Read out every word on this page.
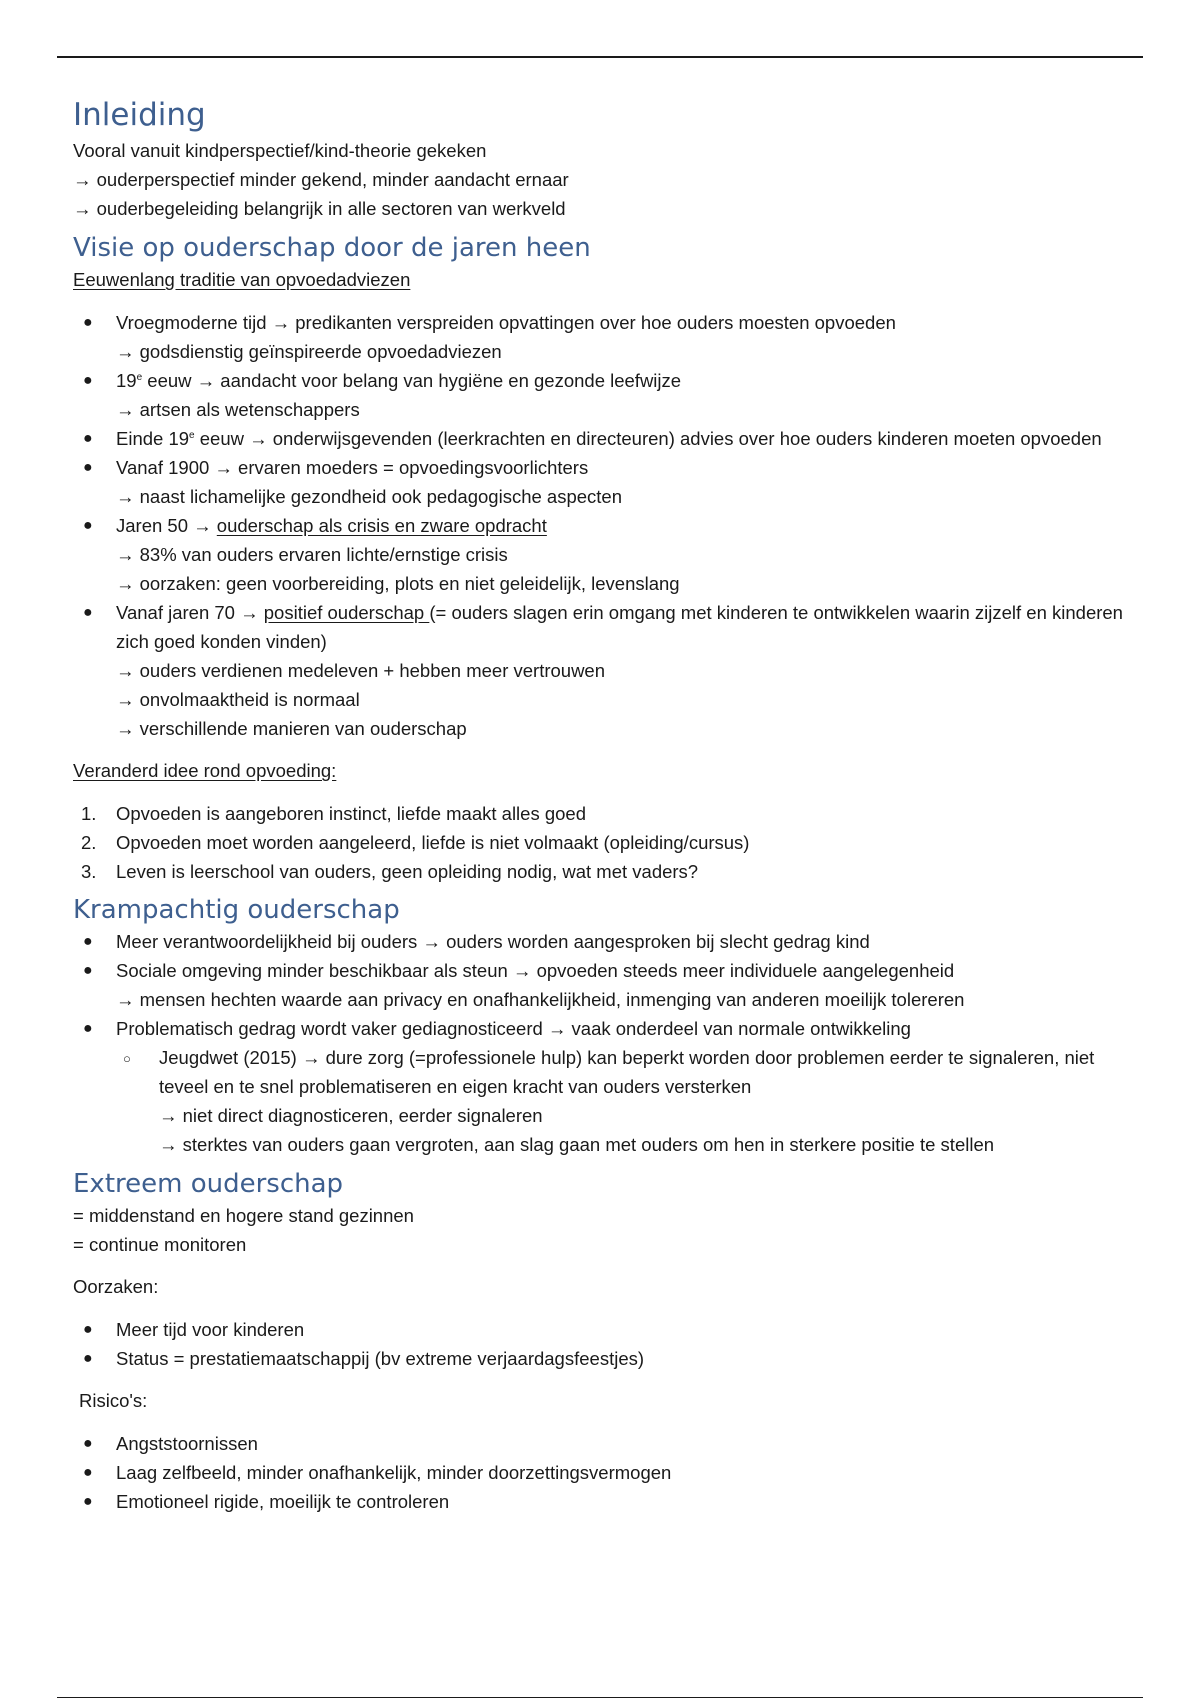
Inleiding

Vooral vanuit kindperspectief/kind-theorie gekeken

→ ouderperspectief minder gekend, minder aandacht ernaar

→ ouderbegeleiding belangrijk in alle sectoren van werkveld

Visie op ouderschap door de jaren heen

Eeuwenlang traditie van opvoedadviezen

● Vroegmoderne tijd → predikanten verspreiden opvattingen over hoe ouders moesten opvoeden
→ godsdienstig geïnspireerde opvoedadviezen
● 19e eeuw → aandacht voor belang van hygiëne en gezonde leefwijze
→ artsen als wetenschappers
● Einde 19e eeuw → onderwijsgevenden (leerkrachten en directeuren) advies over hoe ouders kinderen moeten opvoeden
● Vanaf 1900 → ervaren moeders = opvoedingsvoorlichters
→ naast lichamelijke gezondheid ook pedagogische aspecten
● Jaren 50 → ouderschap als crisis en zware opdracht
→ 83% van ouders ervaren lichte/ernstige crisis
→ oorzaken: geen voorbereiding, plots en niet geleidelijk, levenslang
● Vanaf jaren 70 → positief ouderschap (= ouders slagen erin omgang met kinderen te ontwikkelen waarin zijzelf en kinderen zich goed konden vinden)
→ ouders verdienen medeleven + hebben meer vertrouwen
→ onvolmaaktheid is normaal
→ verschillende manieren van ouderschap

Veranderd idee rond opvoeding:

1. Opvoeden is aangeboren instinct, liefde maakt alles goed
2. Opvoeden moet worden aangeleerd, liefde is niet volmaakt (opleiding/cursus)
3. Leven is leerschool van ouders, geen opleiding nodig, wat met vaders?
Krampachtig ouderschap
● Meer verantwoordelijkheid bij ouders → ouders worden aangesproken bij slecht gedrag kind
● Sociale omgeving minder beschikbaar als steun → opvoeden steeds meer individuele aangelegenheid
→ mensen hechten waarde aan privacy en onafhankelijkheid, inmenging van anderen moeilijk tolereren
● Problematisch gedrag wordt vaker gediagnosticeerd → vaak onderdeel van normale ontwikkeling
○ Jeugdwet (2015) → dure zorg (=professionele hulp) kan beperkt worden door problemen eerder te signaleren, niet teveel en te snel problematiseren en eigen kracht van ouders versterken
→ niet direct diagnosticeren, eerder signaleren
→ sterktes van ouders gaan vergroten, aan slag gaan met ouders om hen in sterkere positie te stellen
Extreem ouderschap

= middenstand en hogere stand gezinnen

= continue monitoren

Oorzaken:

● Meer tijd voor kinderen
● Status = prestatiemaatschappij (bv extreme verjaardagsfeestjes)

Risico's:

● Angststoornissen
● Laag zelfbeeld, minder onafhankelijk, minder doorzettingsvermogen
● Emotioneel rigide, moeilijk te controleren
